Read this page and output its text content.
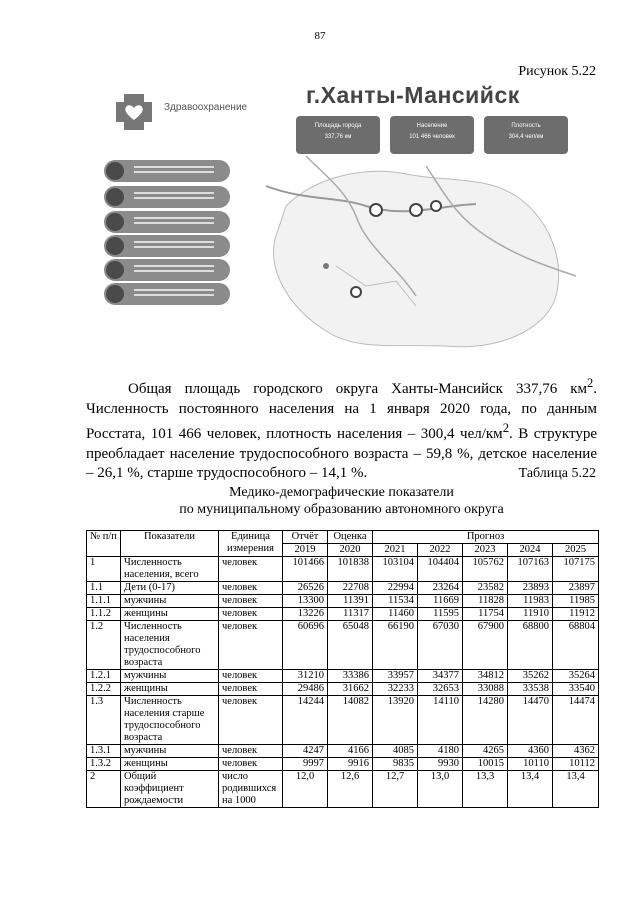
87
Рисунок 5.22
Здравоохранение	г.Ханты-Мансийск
Площадь города
337,76 км
Население
101 466 человек
Плотность
304,4 чел/км

Общая площадь городского округа Ханты-Мансийск 337,76 $км^2$. Численность постоянного населения на 1 января 2020 года, по данным Росстата, 101 466 человек, плотность населения – 300,4 чел/$км^2$. В структуре преобладает население трудоспособного возраста – 59,8 %, детское население – 26,1 %, старше трудоспособного – 14,1 %.	Таблица 5.22
Медико-демографические показатели
по муниципальному образованию автономного округа
№ п/п	Показатели	Единица измерения	Отчёт	Оценка	Прогноз				
			2019	2020	2021	2022	2023	2024	2025
1	Численность населения, всего	человек	101466	101838	103104	104404	105762	107163	107175
1.1	Дети (0-17)	человек	26526	22708	22994	23264	23582	23893	23897
1.1.1	мужчины	человек	13300	11391	11534	11669	11828	11983	11985
1.1.2	женщины	человек	13226	11317	11460	11595	11754	11910	11912
1.2	Численность населения трудоспособного возраста	человек	60696	65048	66190	67030	67900	68800	68804
1.2.1	мужчины	человек	31210	33386	33957	34377	34812	35262	35264
1.2.2	женщины	человек	29486	31662	32233	32653	33088	33538	33540
1.3	Численность населения старше трудоспособного возраста	человек	14244	14082	13920	14110	14280	14470	14474
1.3.1	мужчины	человек	4247	4166	4085	4180	4265	4360	4362
1.3.2	женщины	человек	9997	9916	9835	9930	10015	10110	10112
2	Общий коэффициент рождаемости	число родившихся на 1000	12,0	12,6	12,7	13,0	13,3	13,4	13,4
